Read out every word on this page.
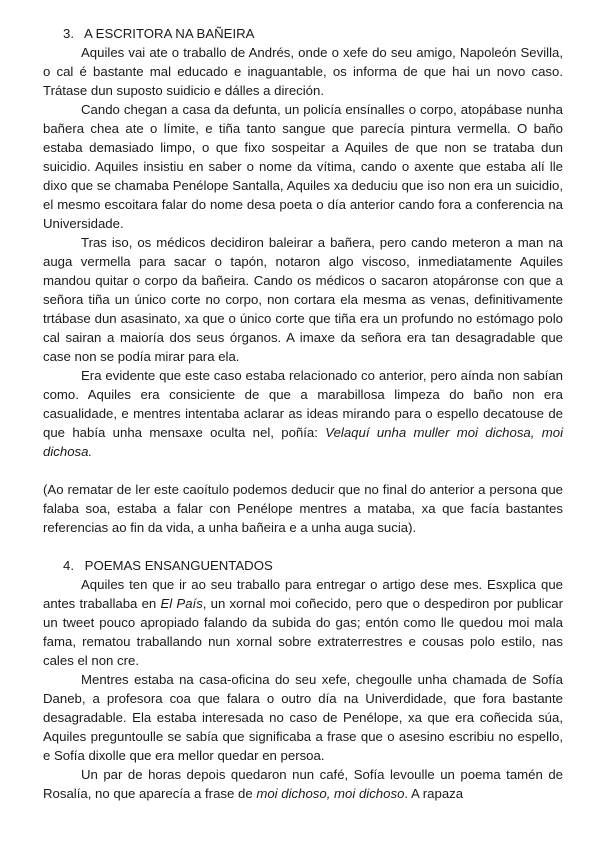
3. A ESCRITORA NA BAÑEIRA

Aquiles vai ate o traballo de Andrés, onde o xefe do seu amigo, Napoleón Sevilla, o cal é bastante mal educado e inaguantable, os informa de que hai un novo caso. Trátase dun suposto suidicio e dálles a direción.

Cando chegan a casa da defunta, un policía ensínalles o corpo, atopábase nunha bañera chea ate o límite, e tiña tanto sangue que parecía pintura vermella. O baño estaba demasiado limpo, o que fixo sospeitar a Aquiles de que non se trataba dun suicidio. Aquiles insistiu en saber o nome da vítima, cando o axente que estaba alí lle dixo que se chamaba Penélope Santalla, Aquiles xa deduciu que iso non era un suicidio, el mesmo escoitara falar do nome desa poeta o día anterior cando fora a conferencia na Universidade.

Tras iso, os médicos decidiron baleirar a bañera, pero cando meteron a man na auga vermella para sacar o tapón, notaron algo viscoso, inmediatamente Aquiles mandou quitar o corpo da bañeira. Cando os médicos o sacaron atopáronse con que a señora tiña un único corte no corpo, non cortara ela mesma as venas, definitivamente trtábase dun asasinato, xa que o único corte que tiña era un profundo no estómago polo cal sairan a maioría dos seus órganos. A imaxe da señora era tan desagradable que case non se podía mirar para ela.

Era evidente que este caso estaba relacionado co anterior, pero aínda non sabían como. Aquiles era consiciente de que a marabillosa limpeza do baño non era casualidade, e mentres intentaba aclarar as ideas mirando para o espello decatouse de que había unha mensaxe oculta nel, poñía: Velaquí unha muller moi dichosa, moi dichosa.

(Ao rematar de ler este caoítulo podemos deducir que no final do anterior a persona que falaba soa, estaba a falar con Penélope mentres a mataba, xa que facía bastantes referencias ao fin da vida, a unha bañeira e a unha auga sucia).

4. POEMAS ENSANGUENTADOS

Aquiles ten que ir ao seu traballo para entregar o artigo dese mes. Esxplica que antes traballaba en El País, un xornal moi coñecido, pero que o despediron por publicar un tweet pouco apropiado falando da subida do gas; entón como lle quedou moi mala fama, rematou traballando nun xornal sobre extraterrestres e cousas polo estilo, nas cales el non cre.

Mentres estaba na casa-oficina do seu xefe, chegoulle unha chamada de Sofía Daneb, a profesora coa que falara o outro día na Univerdidade, que fora bastante desagradable. Ela estaba interesada no caso de Penélope, xa que era coñecida súa, Aquiles preguntoulle se sabía que significaba a frase que o asesino escribiu no espello, e Sofía dixolle que era mellor quedar en persoa.

Un par de horas depois quedaron nun café, Sofía levoulle un poema tamén de Rosalía, no que aparecía a frase de moi dichoso, moi dichoso. A rapaza
